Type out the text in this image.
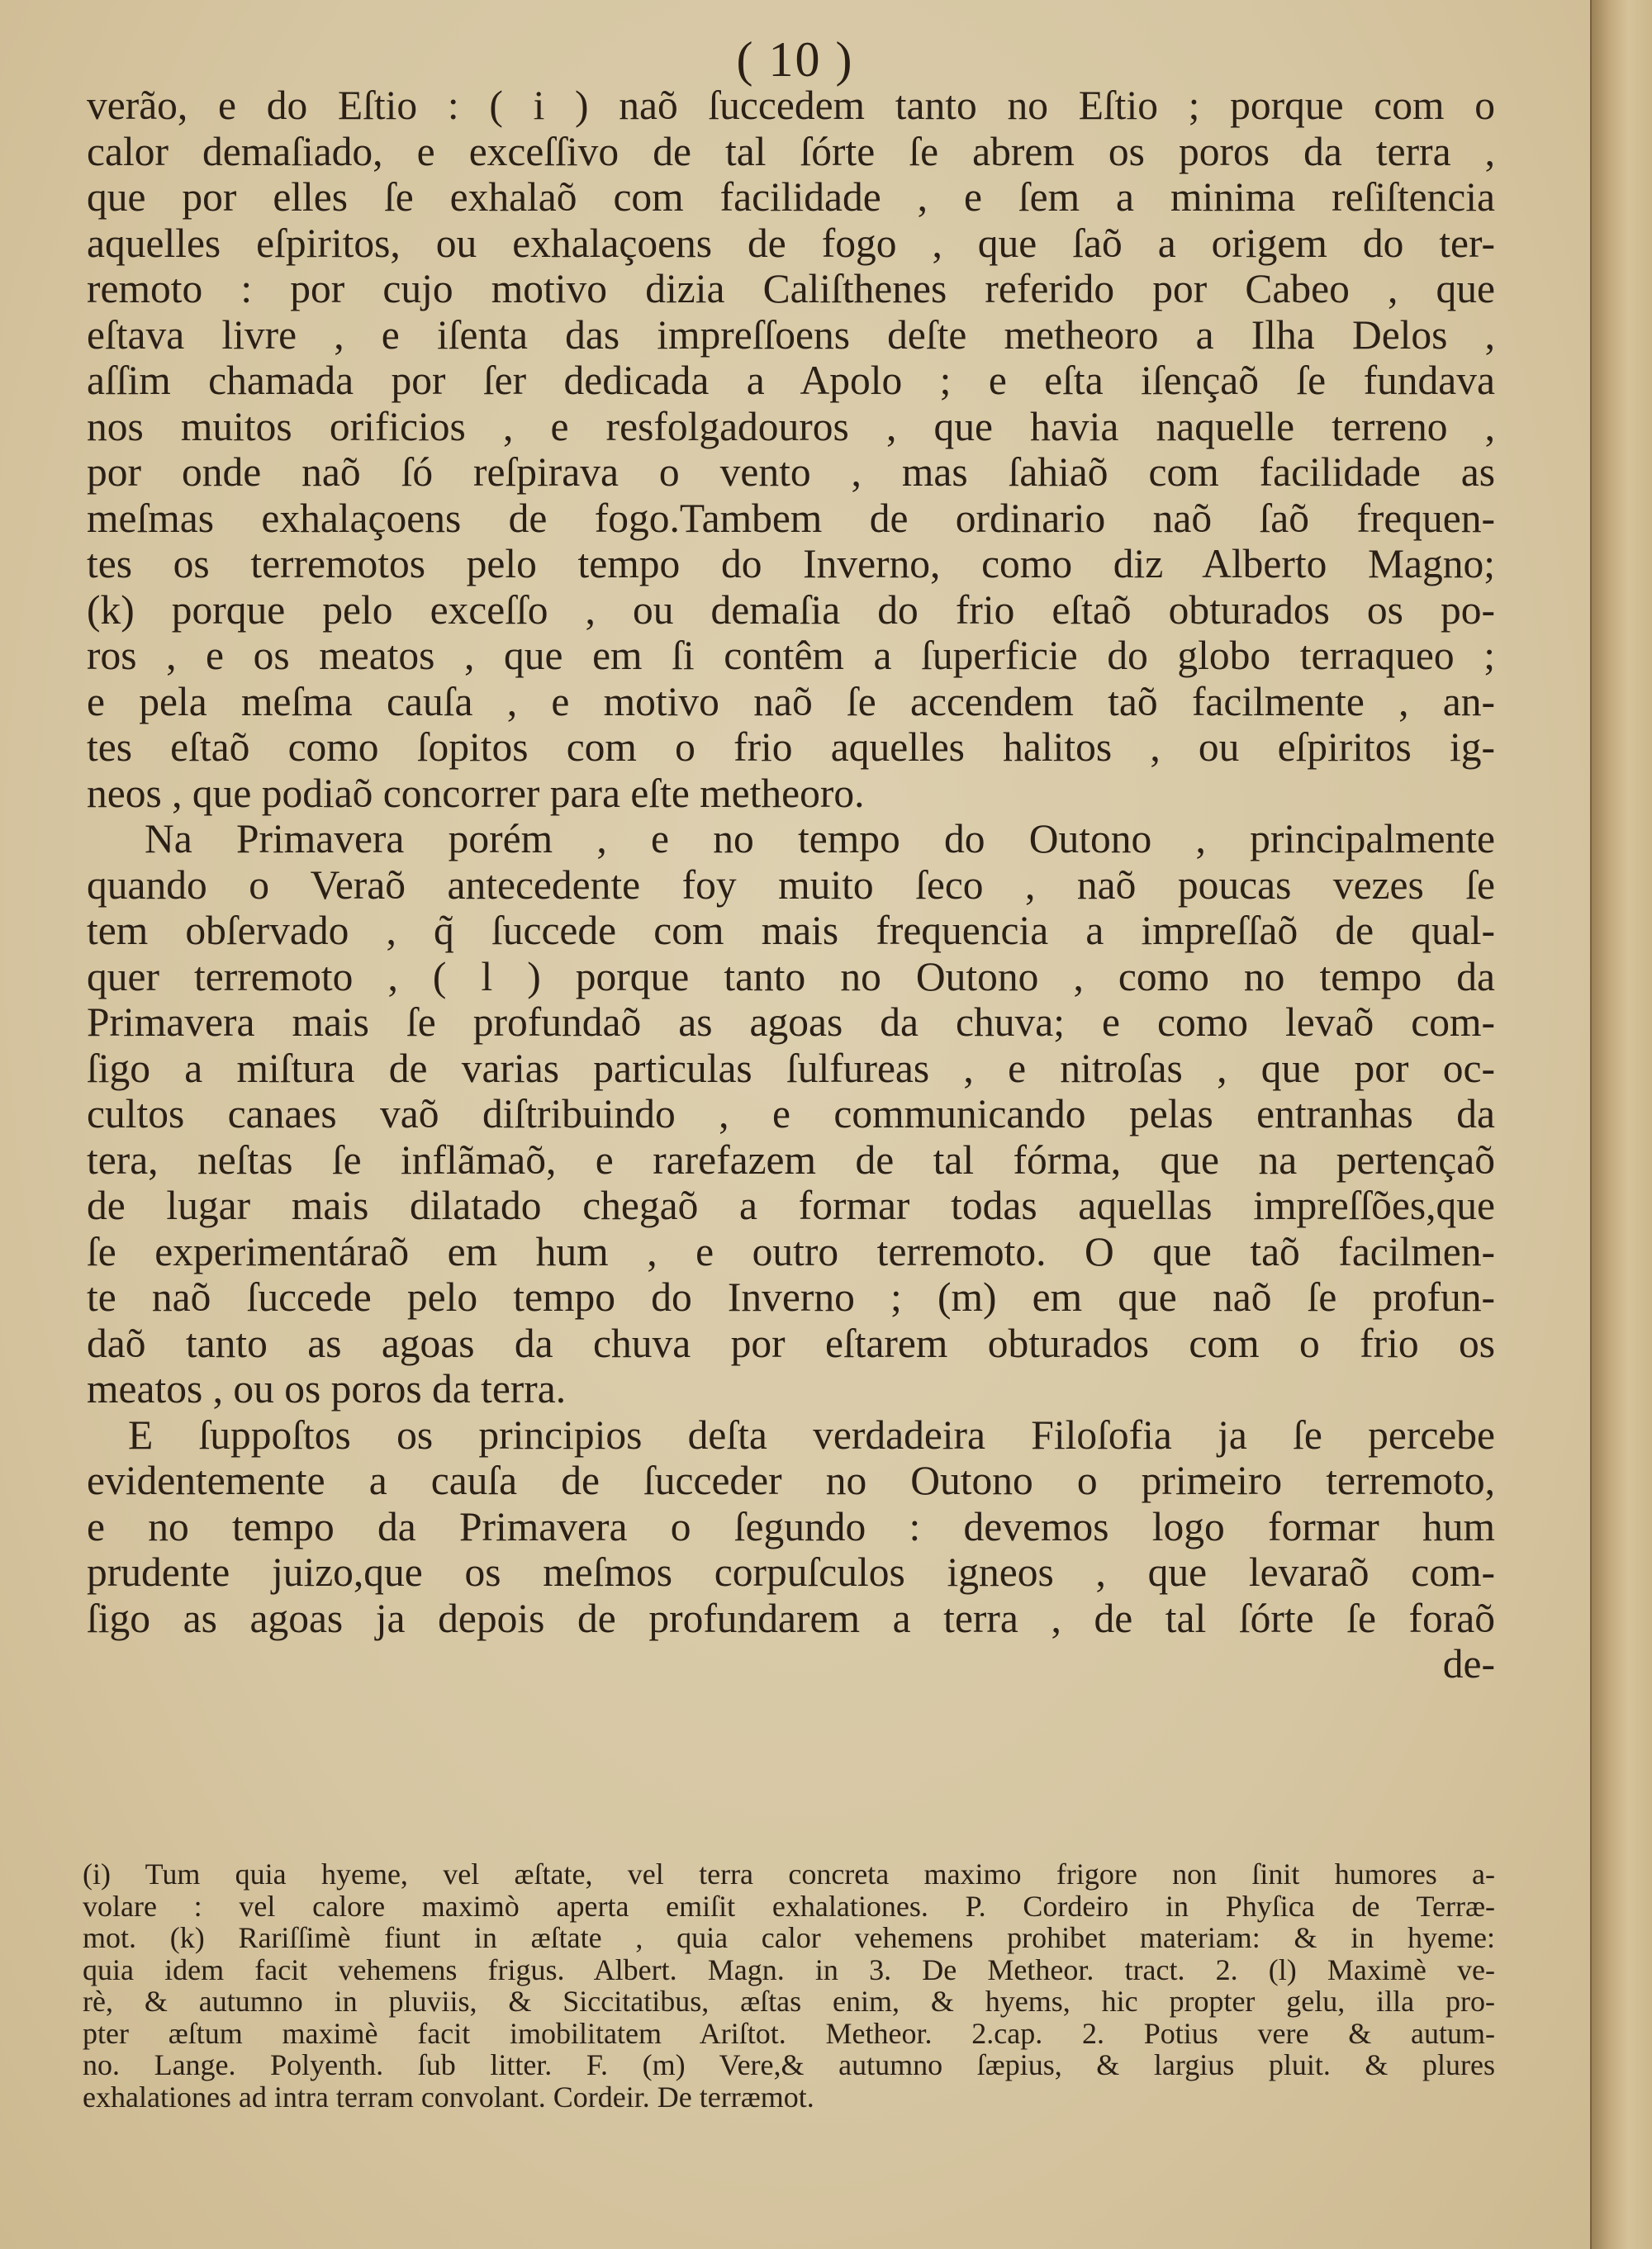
( 10 )
verão, e do Eſtio : ( i ) naõ ſuccedem tanto no Eſtio ; porque com o
calor demaſiado, e exceſſivo de tal ſórte ſe abrem os poros da terra ,
que por elles ſe exhalaõ com facilidade , e ſem a minima reſiſtencia
aquelles eſpiritos, ou exhalaçoens de fogo , que ſaõ a origem do ter-
remoto : por cujo motivo dizia Caliſthenes referido por Cabeo , que
eſtava livre , e iſenta das impreſſoens deſte metheoro a Ilha Delos ,
aſſim chamada por ſer dedicada a Apolo ; e eſta iſençaõ ſe fundava
nos muitos orificios , e resfolgadouros , que havia naquelle terreno ,
por onde naõ ſó reſpirava o vento , mas ſahiaõ com facilidade as
meſmas exhalaçoens de fogo.Tambem de ordinario naõ ſaõ frequen-
tes os terremotos pelo tempo do Inverno, como diz Alberto Magno;
(k) porque pelo exceſſo , ou demaſia do frio eſtaõ obturados os po-
ros , e os meatos , que em ſi contêm a ſuperficie do globo terraqueo ;
e pela meſma cauſa , e motivo naõ ſe accendem taõ facilmente , an-
tes eſtaõ como ſopitos com o frio aquelles halitos , ou eſpiritos ig-
neos , que podiaõ concorrer para eſte metheoro.
Na Primavera porém , e no tempo do Outono , principalmente
quando o Veraõ antecedente foy muito ſeco , naõ poucas vezes ſe
tem obſervado , q̃ ſuccede com mais frequencia a impreſſaõ de qual-
quer terremoto , ( l ) porque tanto no Outono , como no tempo da
Primavera mais ſe profundaõ as agoas da chuva; e como levaõ com-
ſigo a miſtura de varias particulas ſulfureas , e nitroſas , que por oc-
cultos canaes vaõ diſtribuindo , e communicando pelas entranhas da
tera, neſtas ſe inflãmaõ, e rarefazem de tal fórma, que na pertençaõ
de lugar mais dilatado chegaõ a formar todas aquellas impreſſões,que
ſe experimentáraõ em hum , e outro terremoto. O que taõ facilmen-
te naõ ſuccede pelo tempo do Inverno ; (m) em que naõ ſe profun-
daõ tanto as agoas da chuva por eſtarem obturados com o frio os
meatos , ou os poros da terra.
E ſuppoſtos os principios deſta verdadeira Filoſofia ja ſe percebe
evidentemente a cauſa de ſucceder no Outono o primeiro terremoto,
e no tempo da Primavera o ſegundo : devemos logo formar hum
prudente juizo,que os meſmos corpuſculos igneos , que levaraõ com-
ſigo as agoas ja depois de profundarem a terra , de tal ſórte ſe foraõ
de-
(i) Tum quia hyeme, vel æſtate, vel terra concreta maximo frigore non ſinit humores a-
volare : vel calore maximò aperta emiſit exhalationes. P. Cordeiro in Phyſica de Terræ-
mot. (k) Rariſſimè fiunt in æſtate , quia calor vehemens prohibet materiam: & in hyeme:
quia idem facit vehemens frigus. Albert. Magn. in 3. De Metheor. tract. 2. (l) Maximè ve-
rè, & autumno in pluviis, & Siccitatibus, æſtas enim, & hyems, hic propter gelu, illa pro-
pter æſtum maximè facit imobilitatem Ariſtot. Metheor. 2.cap. 2. Potius vere & autum-
no. Lange. Polyenth. ſub litter. F. (m) Vere,& autumno ſæpius, & largius pluit. & plures
exhalationes ad intra terram convolant. Cordeir. De terræmot.
